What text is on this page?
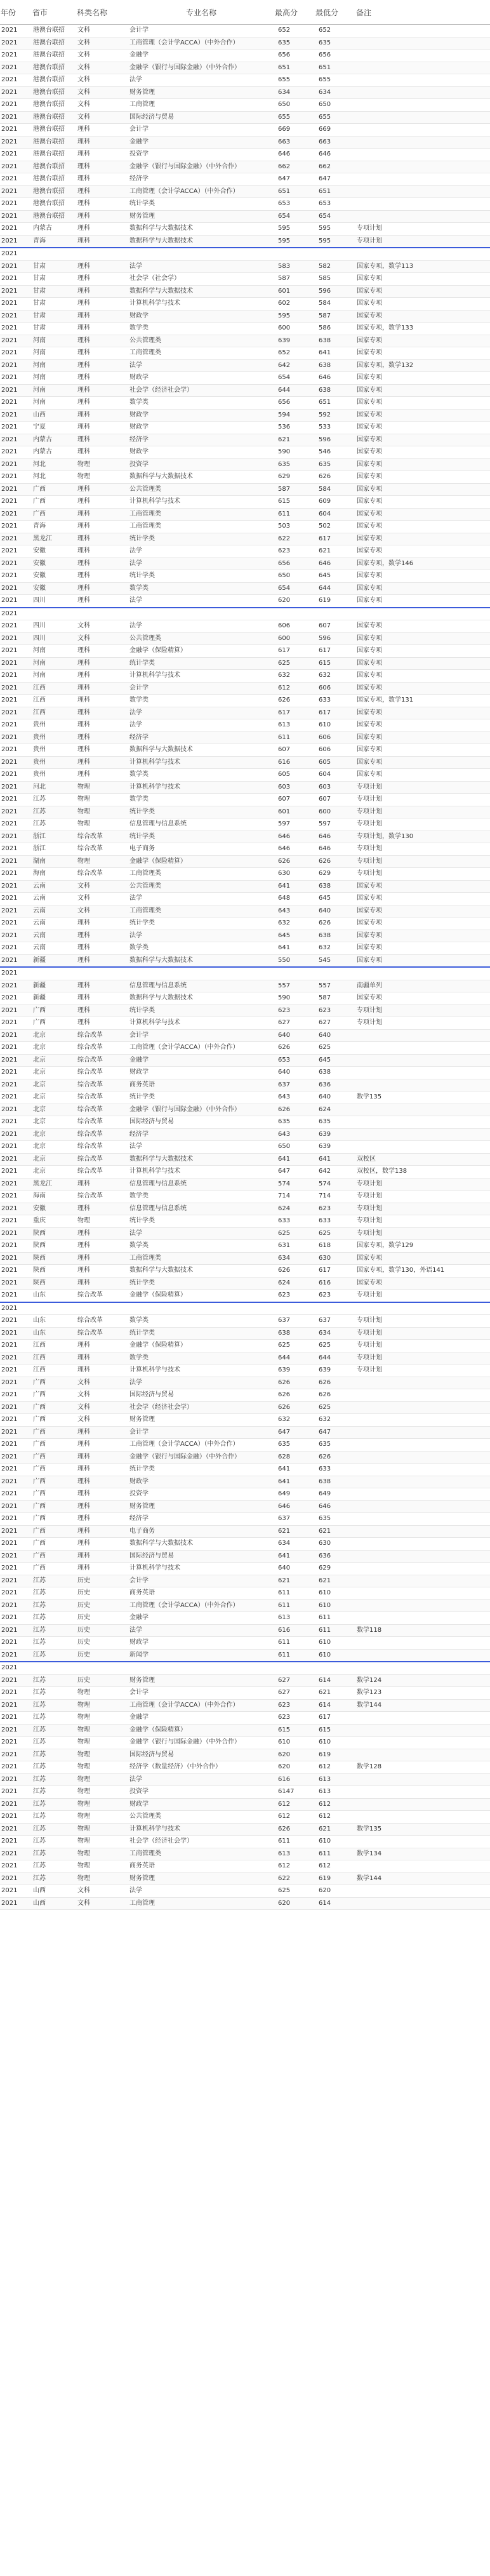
年份	省市	科类名称	专业名称	最高分	最低分	备注
2021	港澳台联招	文科	会计学	652	652	
2021	港澳台联招	文科	工商管理（会计学ACCA）（中外合作）	635	635	
2021	港澳台联招	文科	金融学	656	656	
2021	港澳台联招	文科	金融学（银行与国际金融）（中外合作）	651	651	
2021	港澳台联招	文科	法学	655	655	
2021	港澳台联招	文科	财务管理	634	634	
2021	港澳台联招	文科	工商管理	650	650	
2021	港澳台联招	文科	国际经济与贸易	655	655	
2021	港澳台联招	理科	会计学	669	669	
2021	港澳台联招	理科	金融学	663	663	
2021	港澳台联招	理科	投资学	646	646	
2021	港澳台联招	理科	金融学（银行与国际金融）（中外合作）	662	662	
2021	港澳台联招	理科	经济学	647	647	
2021	港澳台联招	理科	工商管理（会计学ACCA）（中外合作）	651	651	
2021	港澳台联招	理科	统计学类	653	653	
2021	港澳台联招	理科	财务管理	654	654	
2021	内蒙古	理科	数据科学与大数据技术	595	595	专项计划
2021	青海	理科	数据科学与大数据技术	595	595	专项计划
2021						
2021	甘肃	理科	法学	583	582	国家专项，数学113
2021	甘肃	理科	社会学（社会学）	587	585	国家专项
2021	甘肃	理科	数据科学与大数据技术	601	596	国家专项
2021	甘肃	理科	计算机科学与技术	602	584	国家专项
2021	甘肃	理科	财政学	595	587	国家专项
2021	甘肃	理科	数学类	600	586	国家专项，数学133
2021	河南	理科	公共管理类	639	638	国家专项
2021	河南	理科	工商管理类	652	641	国家专项
2021	河南	理科	法学	642	638	国家专项，数学132
2021	河南	理科	财政学	654	646	国家专项
2021	河南	理科	社会学（经济社会学）	644	638	国家专项
2021	河南	理科	数学类	656	651	国家专项
2021	山西	理科	财政学	594	592	国家专项
2021	宁夏	理科	财政学	536	533	国家专项
2021	内蒙古	理科	经济学	621	596	国家专项
2021	内蒙古	理科	财政学	590	546	国家专项
2021	河北	物理	投资学	635	635	国家专项
2021	河北	物理	数据科学与大数据技术	629	626	国家专项
2021	广西	理科	公共管理类	587	584	国家专项
2021	广西	理科	计算机科学与技术	615	609	国家专项
2021	广西	理科	工商管理类	611	604	国家专项
2021	青海	理科	工商管理类	503	502	国家专项
2021	黑龙江	理科	统计学类	622	617	国家专项
2021	安徽	理科	法学	623	621	国家专项
2021	安徽	理科	法学	656	646	国家专项，数学146
2021	安徽	理科	统计学类	650	645	国家专项
2021	安徽	理科	数学类	654	644	国家专项
2021	四川	理科	法学	620	619	国家专项
2021						
2021	四川	文科	法学	606	607	国家专项
2021	四川	文科	公共管理类	600	596	国家专项
2021	河南	理科	金融学（保险精算）	617	617	国家专项
2021	河南	理科	统计学类	625	615	国家专项
2021	河南	理科	计算机科学与技术	632	632	国家专项
2021	江西	理科	会计学	612	606	国家专项
2021	江西	理科	数学类	626	633	国家专项，数学131
2021	江西	理科	法学	617	617	国家专项
2021	贵州	理科	法学	613	610	国家专项
2021	贵州	理科	经济学	611	606	国家专项
2021	贵州	理科	数据科学与大数据技术	607	606	国家专项
2021	贵州	理科	计算机科学与技术	616	605	国家专项
2021	贵州	理科	数学类	605	604	国家专项
2021	河北	物理	计算机科学与技术	603	603	专项计划
2021	江苏	物理	数学类	607	607	专项计划
2021	江苏	物理	统计学类	601	600	专项计划
2021	江苏	物理	信息管理与信息系统	597	597	专项计划
2021	浙江	综合改革	统计学类	646	646	专项计划，数学130
2021	浙江	综合改革	电子商务	646	646	专项计划
2021	湖南	物理	金融学（保险精算）	626	626	专项计划
2021	海南	综合改革	工商管理类	630	629	专项计划
2021	云南	文科	公共管理类	641	638	国家专项
2021	云南	文科	法学	648	645	国家专项
2021	云南	文科	工商管理类	643	640	国家专项
2021	云南	理科	统计学类	632	626	国家专项
2021	云南	理科	法学	645	638	国家专项
2021	云南	理科	数学类	641	632	国家专项
2021	新疆	理科	数据科学与大数据技术	550	545	国家专项
2021						
2021	新疆	理科	信息管理与信息系统	557	557	南疆单列
2021	新疆	理科	数据科学与大数据技术	590	587	国家专项
2021	广西	理科	统计学类	623	623	专项计划
2021	广西	理科	计算机科学与技术	627	627	专项计划
2021	北京	综合改革	会计学	640	640	
2021	北京	综合改革	工商管理（会计学ACCA）（中外合作）	626	625	
2021	北京	综合改革	金融学	653	645	
2021	北京	综合改革	财政学	640	638	
2021	北京	综合改革	商务英语	637	636	
2021	北京	综合改革	统计学类	643	640	数学135
2021	北京	综合改革	金融学（银行与国际金融）（中外合作）	626	624	
2021	北京	综合改革	国际经济与贸易	635	635	
2021	北京	综合改革	经济学	643	639	
2021	北京	综合改革	法学	650	639	
2021	北京	综合改革	数据科学与大数据技术	641	641	双校区
2021	北京	综合改革	计算机科学与技术	647	642	双校区，数学138
2021	黑龙江	理科	信息管理与信息系统	574	574	专项计划
2021	海南	综合改革	数学类	714	714	专项计划
2021	安徽	理科	信息管理与信息系统	624	623	专项计划
2021	重庆	物理	统计学类	633	633	专项计划
2021	陕西	理科	法学	625	625	专项计划
2021	陕西	理科	数学类	631	618	国家专项，数学129
2021	陕西	理科	工商管理类	634	630	国家专项
2021	陕西	理科	数据科学与大数据技术	626	617	国家专项，数学130，外语141
2021	陕西	理科	统计学类	624	616	国家专项
2021	山东	综合改革	金融学（保险精算）	623	623	专项计划
2021						
2021	山东	综合改革	数学类	637	637	专项计划
2021	山东	综合改革	统计学类	638	634	专项计划
2021	江西	理科	金融学（保险精算）	625	625	专项计划
2021	江西	理科	数学类	644	644	专项计划
2021	江西	理科	计算机科学与技术	639	639	专项计划
2021	广西	文科	法学	626	626	
2021	广西	文科	国际经济与贸易	626	626	
2021	广西	文科	社会学（经济社会学）	626	625	
2021	广西	文科	财务管理	632	632	
2021	广西	理科	会计学	647	647	
2021	广西	理科	工商管理（会计学ACCA）（中外合作）	635	635	
2021	广西	理科	金融学（银行与国际金融）（中外合作）	628	626	
2021	广西	理科	统计学类	641	633	
2021	广西	理科	财政学	641	638	
2021	广西	理科	投资学	649	649	
2021	广西	理科	财务管理	646	646	
2021	广西	理科	经济学	637	635	
2021	广西	理科	电子商务	621	621	
2021	广西	理科	数据科学与大数据技术	634	630	
2021	广西	理科	国际经济与贸易	641	636	
2021	广西	理科	计算机科学与技术	640	629	
2021	江苏	历史	会计学	621	621	
2021	江苏	历史	商务英语	611	610	
2021	江苏	历史	工商管理（会计学ACCA）（中外合作）	611	610	
2021	江苏	历史	金融学	613	611	
2021	江苏	历史	法学	616	611	数学118
2021	江苏	历史	财政学	611	610	
2021	江苏	历史	新闻学	611	610	
2021						
2021	江苏	历史	财务管理	627	614	数学124
2021	江苏	物理	会计学	627	621	数学123
2021	江苏	物理	工商管理（会计学ACCA）（中外合作）	623	614	数学144
2021	江苏	物理	金融学	623	617	
2021	江苏	物理	金融学（保险精算）	615	615	
2021	江苏	物理	金融学（银行与国际金融）（中外合作）	610	610	
2021	江苏	物理	国际经济与贸易	620	619	
2021	江苏	物理	经济学（数量经济）（中外合作）	620	612	数学128
2021	江苏	物理	法学	616	613	
2021	江苏	物理	投资学	6147	613	
2021	江苏	物理	财政学	612	612	
2021	江苏	物理	公共管理类	612	612	
2021	江苏	物理	计算机科学与技术	626	621	数学135
2021	江苏	物理	社会学（经济社会学）	611	610	
2021	江苏	物理	工商管理类	613	611	数学134
2021	江苏	物理	商务英语	612	612	
2021	江苏	物理	财务管理	622	619	数学144
2021	山西	文科	法学	625	620	
2021	山西	文科	工商管理	620	614	
